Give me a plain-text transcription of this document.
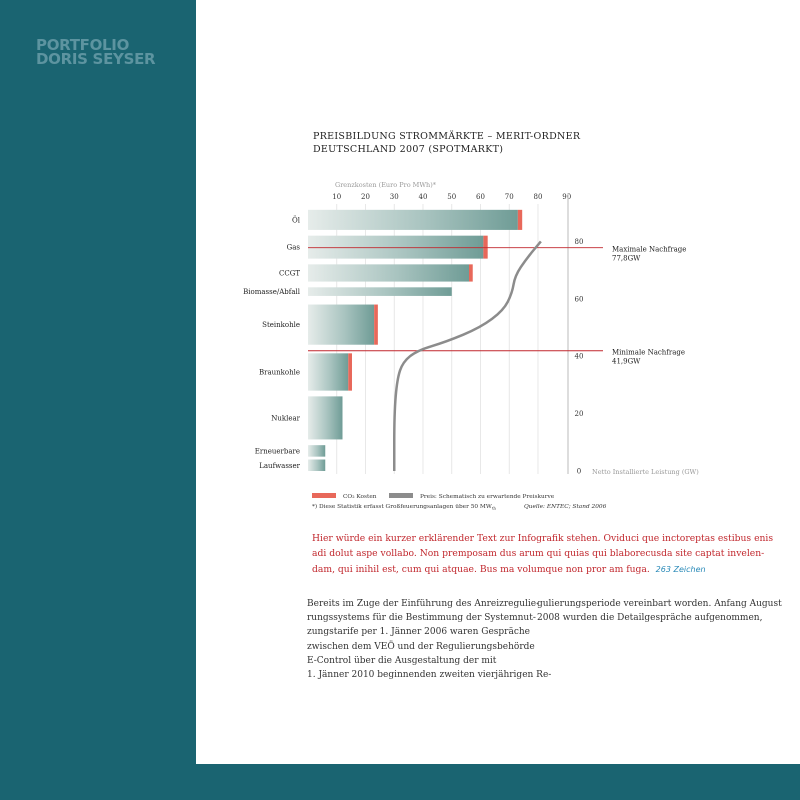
PORTFOLIO
DORIS SEYSER
PREISBILDUNG STROMMÄRKTE – MERIT-ORDNER
DEUTSCHLAND 2007 (SPOTMARKT)
Grenzkosten (Euro Pro MWh)*
10	20	30	40	50	60	70	80	90
Öl
Gas
CCGT
Biomasse/Abfall
Steinkohle
Braunkohle
Nuklear
Erneuerbare
Laufwasser
0
20
40
60
80
Netto Installierte Leistung (GW)
Maximale Nachfrage
77,8GW
Minimale Nachfrage
41,9GW
CO₂ Kosten	Preis: Schematisch zu erwartende Preiskurve
*) Diese Statistik erfasst Großfeuerungsanlagen über 50 $MW_{th}$	Quelle: ENTEC; Stand 2006
Hier würde ein kurzer erklärender Text zur Infografik stehen. Oviduci que inctoreptas estibus enis
adi dolut aspe vollabo. Non premposam dus arum qui quias qui blaborecusda site captat invelen-
dam, qui inihil est, cum qui atquae. Bus ma volumque non pror am fuga. 263 Zeichen
Bereits im Zuge der Einführung des Anreizregulie-
rungssystems für die Bestimmung der Systemnut-
zungstarife per 1. Jänner 2006 waren Gespräche
zwischen dem VEÖ und der Regulierungsbehörde
E-Control über die Ausgestaltung der mit
1. Jänner 2010 beginnenden zweiten vierjährigen Re-
gulierungsperiode vereinbart worden. Anfang August
2008 wurden die Detailgespräche aufgenommen,
